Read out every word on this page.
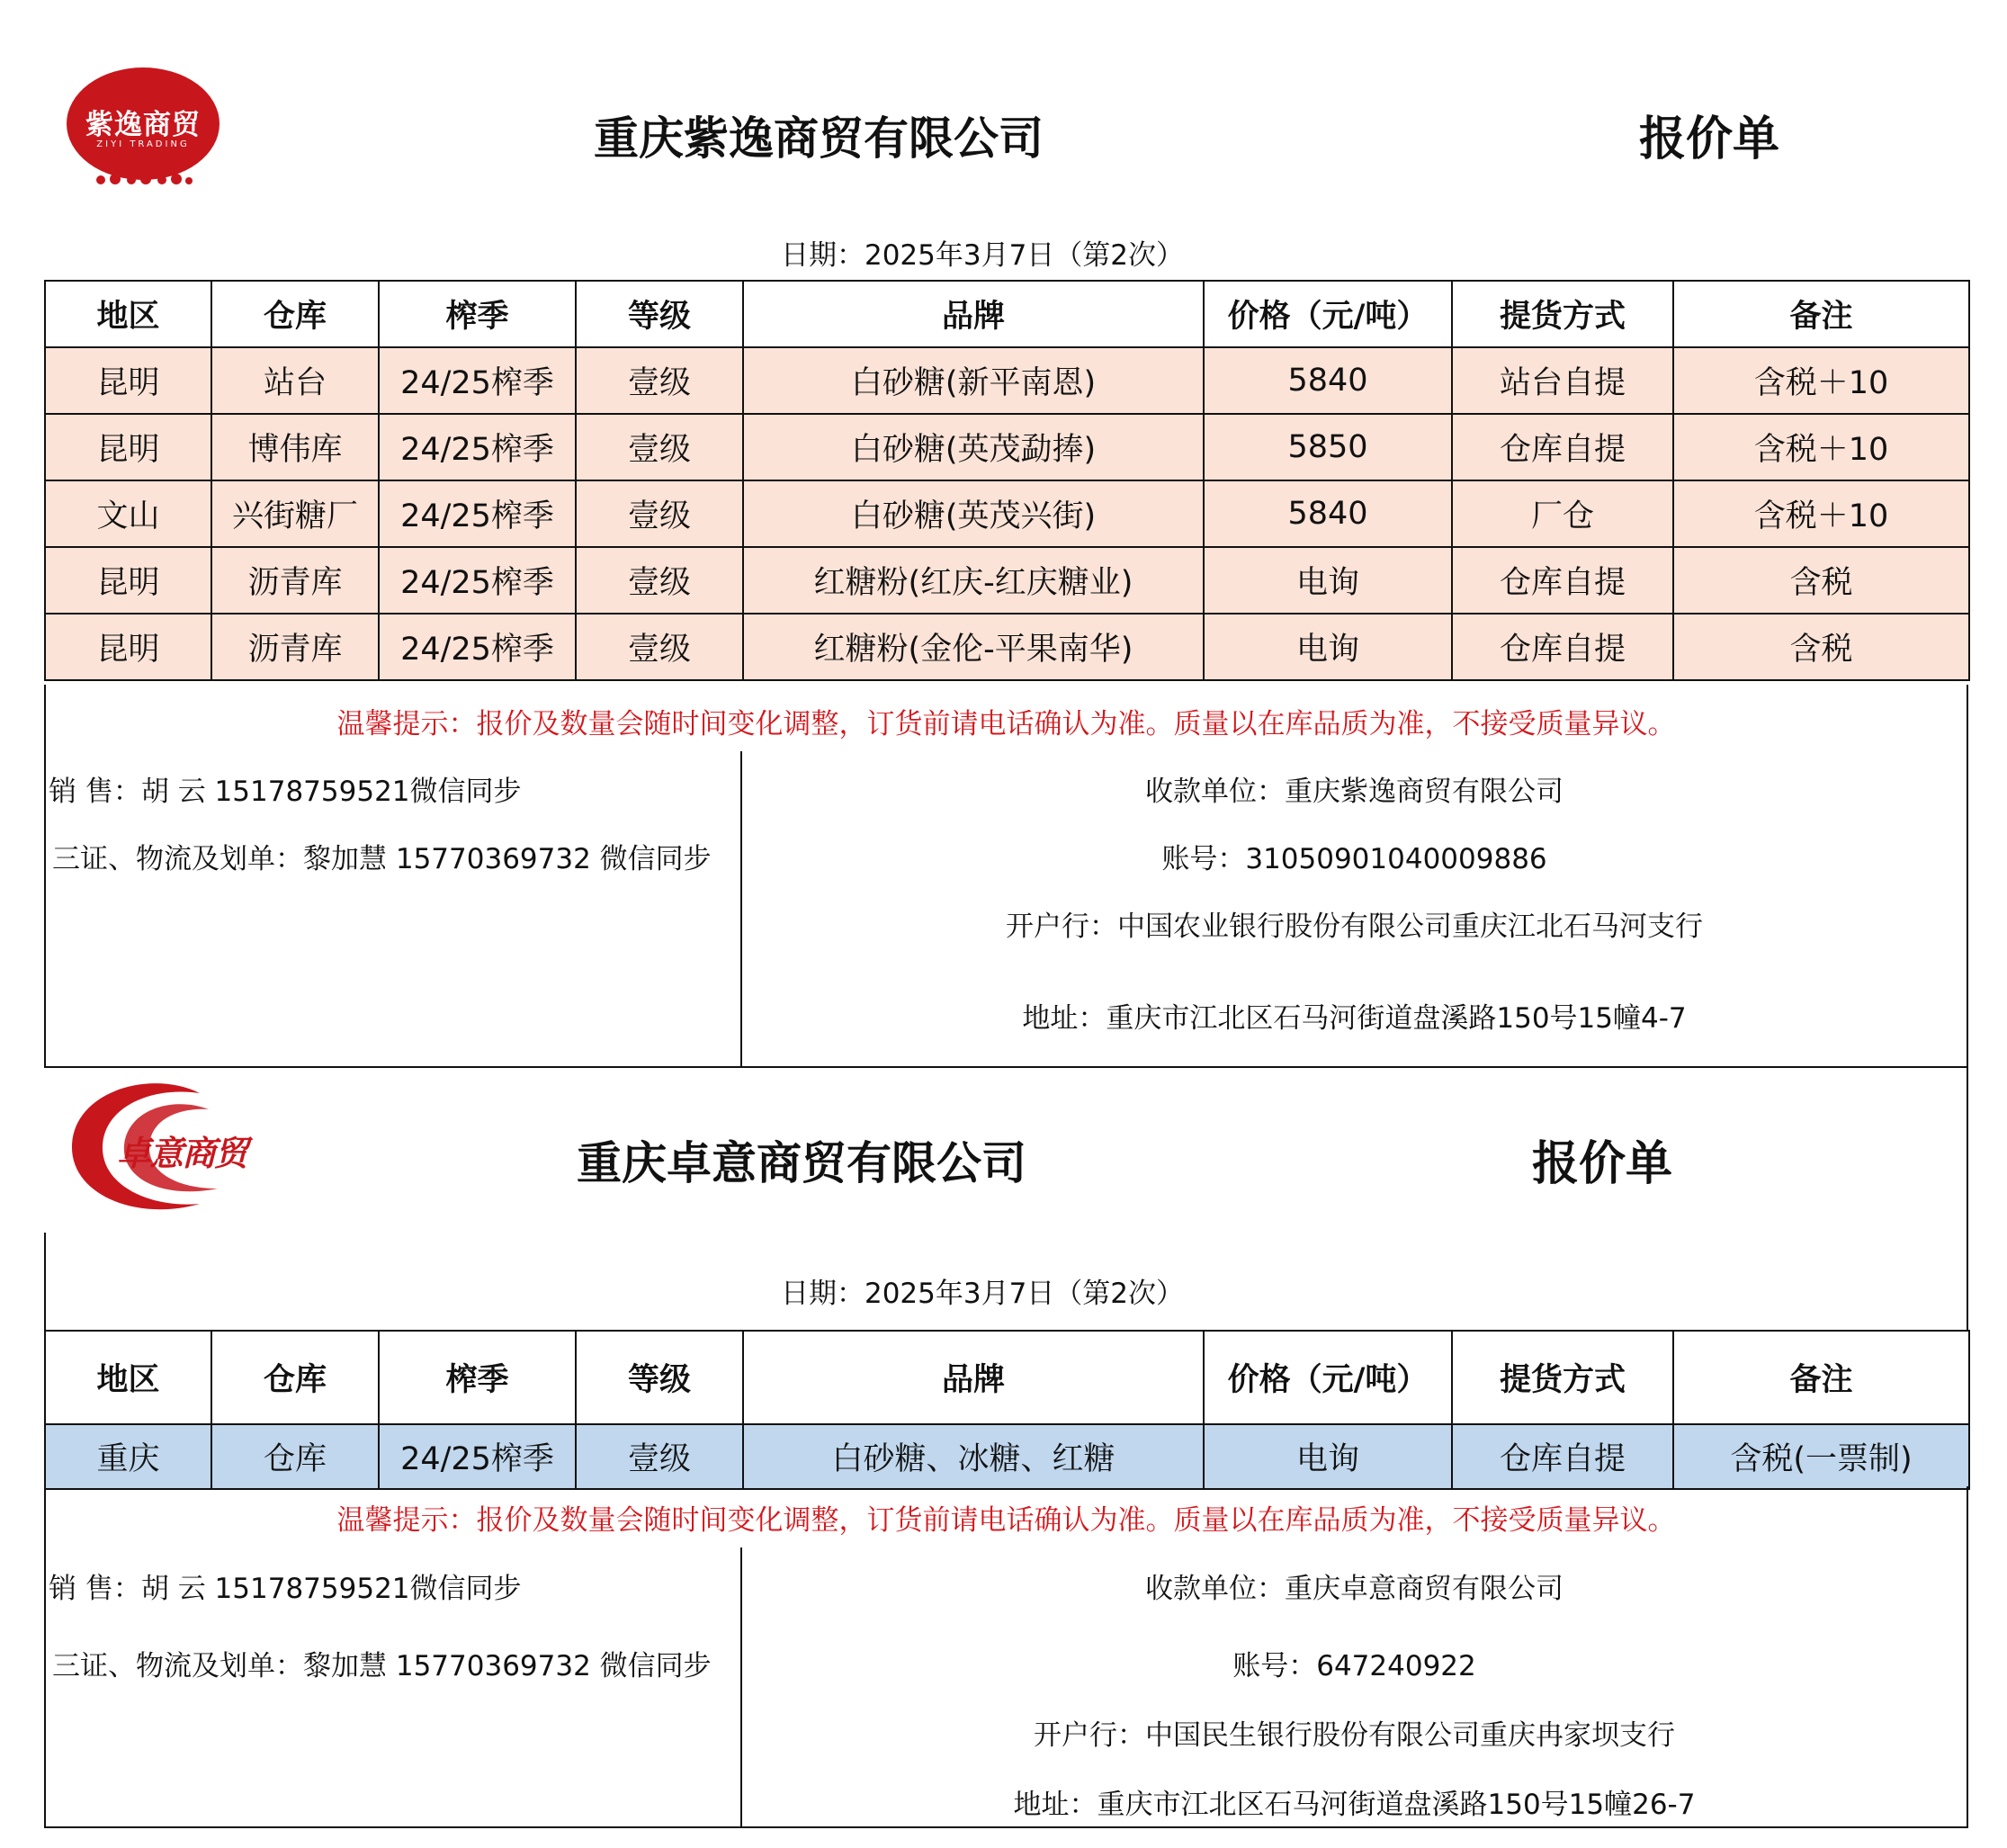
紫逸商贸
ZIYI TRADING	重庆紫逸商贸有限公司	报价单
日期：2025年3月7日（第2次）
地区	仓库	榨季	等级	品牌	价格（元/吨）	提货方式	备注
昆明	站台	24/25榨季	壹级	白砂糖(新平南恩)	5840	站台自提	含税＋10
昆明	博伟库	24/25榨季	壹级	白砂糖(英茂勐捧)	5850	仓库自提	含税＋10
文山	兴街糖厂	24/25榨季	壹级	白砂糖(英茂兴街)	5840	厂仓	含税＋10
昆明	沥青库	24/25榨季	壹级	红糖粉(红庆-红庆糖业)	电询	仓库自提	含税
昆明	沥青库	24/25榨季	壹级	红糖粉(金伦-平果南华)	电询	仓库自提	含税
温馨提示：报价及数量会随时间变化调整，订货前请电话确认为准。质量以在库品质为准，不接受质量异议。
销 售：胡 云 15178759521微信同步
三证、物流及划单：黎加慧 15770369732 微信同步
收款单位：重庆紫逸商贸有限公司
账号：31050901040009886
开户行：中国农业银行股份有限公司重庆江北石马河支行
地址：重庆市江北区石马河街道盘溪路150号15幢4-7
卓意商贸	重庆卓意商贸有限公司	报价单
日期：2025年3月7日（第2次）
地区	仓库	榨季	等级	品牌	价格（元/吨）	提货方式	备注
重庆	仓库	24/25榨季	壹级	白砂糖、冰糖、红糖	电询	仓库自提	含税(一票制)
温馨提示：报价及数量会随时间变化调整，订货前请电话确认为准。质量以在库品质为准，不接受质量异议。
销 售：胡 云 15178759521微信同步
三证、物流及划单：黎加慧 15770369732 微信同步
收款单位：重庆卓意商贸有限公司
账号：647240922
开户行：中国民生银行股份有限公司重庆冉家坝支行
地址：重庆市江北区石马河街道盘溪路150号15幢26-7
